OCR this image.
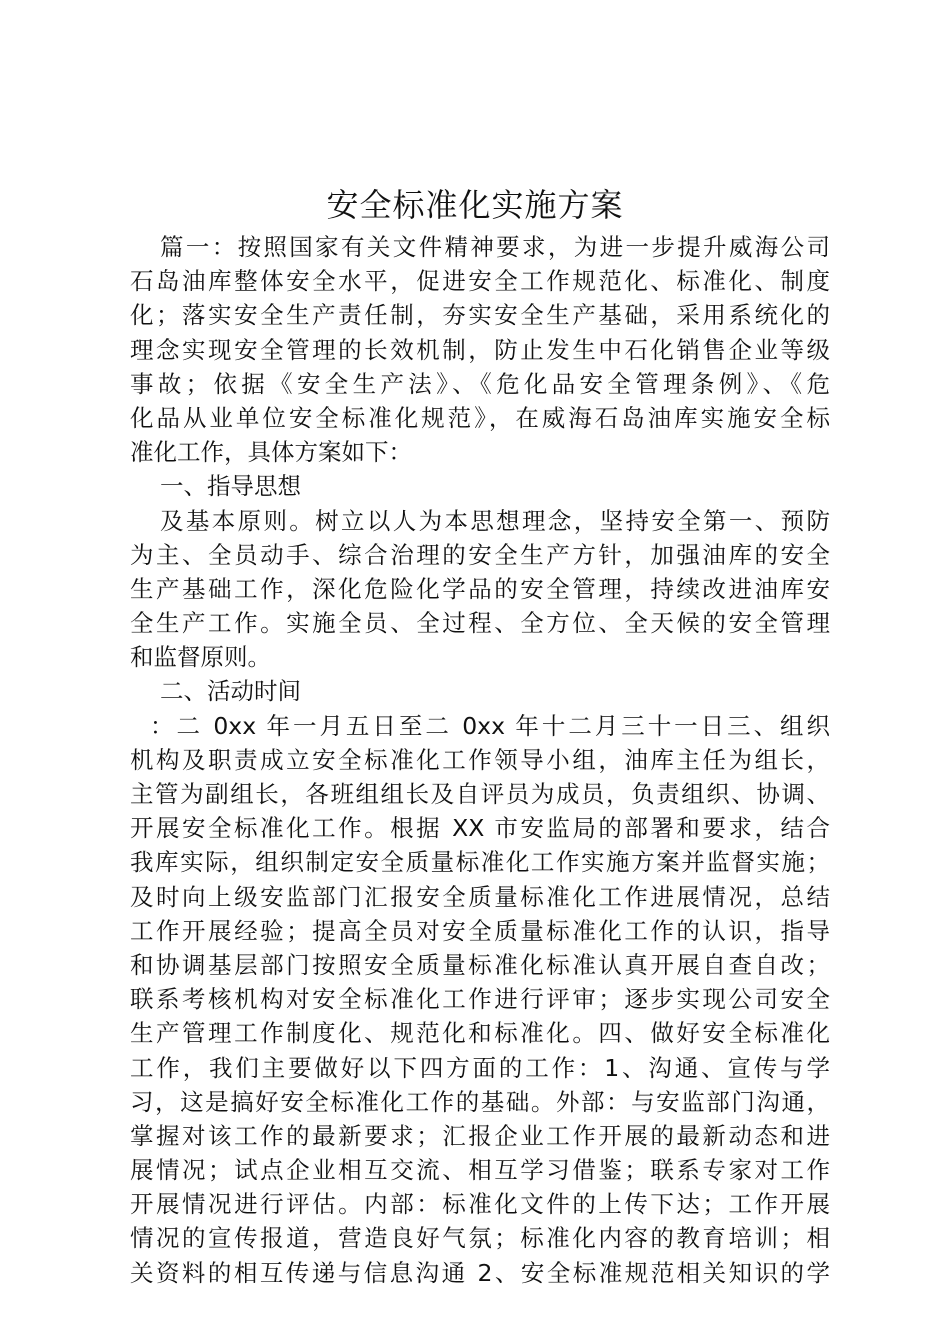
安全标准化实施方案
篇一：按照国家有关文件精神要求，为进一步提升威海公司
石岛油库整体安全水平，促进安全工作规范化、标准化、制度
化；落实安全生产责任制，夯实安全生产基础，采用系统化的
理念实现安全管理的长效机制，防止发生中石化销售企业等级
事故；依据《安全生产法》、《危化品安全管理条例》、《危
化品从业单位安全标准化规范》，在威海石岛油库实施安全标
准化工作，具体方案如下：
一、指导思想
及基本原则。树立以人为本思想理念，坚持安全第一、预防
为主、全员动手、综合治理的安全生产方针，加强油库的安全
生产基础工作，深化危险化学品的安全管理，持续改进油库安
全生产工作。实施全员、全过程、全方位、全天候的安全管理
和监督原则。
二、活动时间
：二 0xx 年一月五日至二 0xx 年十二月三十一日三、组织
机构及职责成立安全标准化工作领导小组，油库主任为组长，
主管为副组长，各班组组长及自评员为成员，负责组织、协调、
开展安全标准化工作。根据 XX 市安监局的部署和要求，结合
我库实际，组织制定安全质量标准化工作实施方案并监督实施；
及时向上级安监部门汇报安全质量标准化工作进展情况，总结
工作开展经验；提高全员对安全质量标准化工作的认识，指导
和协调基层部门按照安全质量标准化标准认真开展自查自改；
联系考核机构对安全标准化工作进行评审；逐步实现公司安全
生产管理工作制度化、规范化和标准化。四、做好安全标准化
工作，我们主要做好以下四方面的工作：1、沟通、宣传与学
习，这是搞好安全标准化工作的基础。外部：与安监部门沟通，
掌握对该工作的最新要求；汇报企业工作开展的最新动态和进
展情况；试点企业相互交流、相互学习借鉴；联系专家对工作
开展情况进行评估。内部：标准化文件的上传下达；工作开展
情况的宣传报道，营造良好气氛；标准化内容的教育培训；相
关资料的相互传递与信息沟通 2、安全标准规范相关知识的学
